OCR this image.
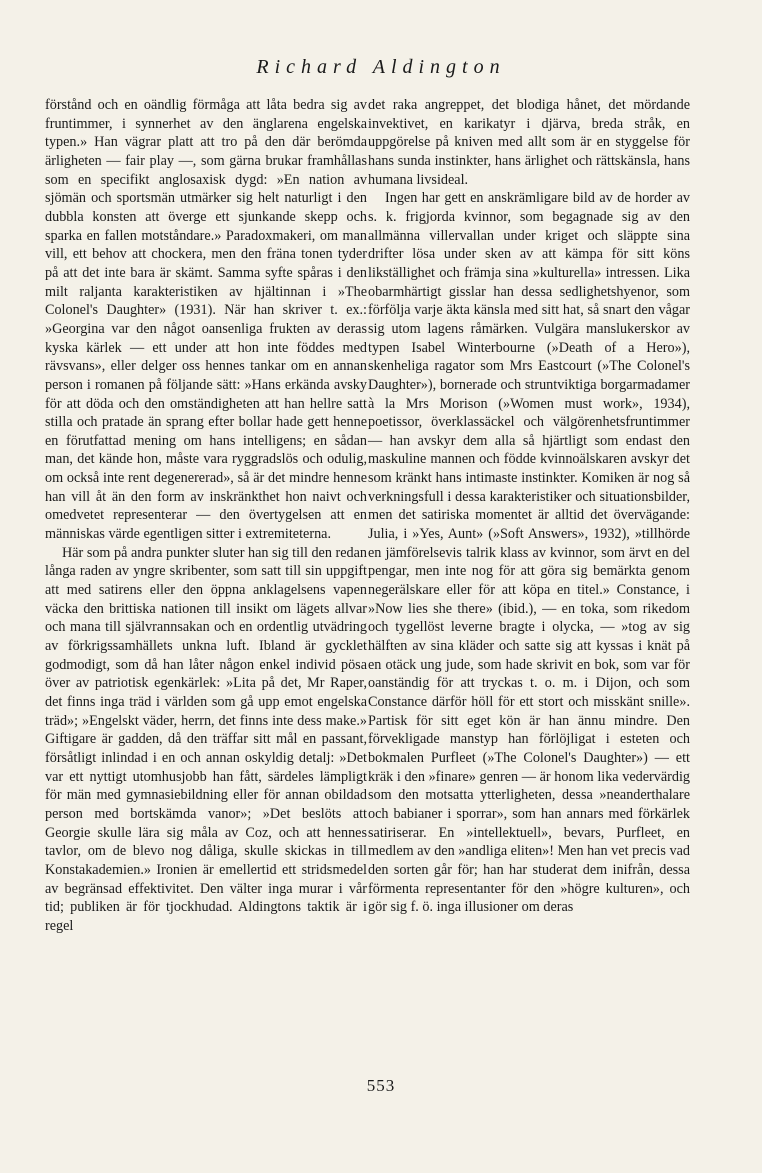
Richard Aldington

förstånd och en oändlig förmåga att låta bedra sig av fruntimmer, i synnerhet av den änglarena engelska typen.» Han vägrar platt att tro på den där berömda ärligheten — fair play —, som gärna brukar framhållas som en specifikt anglosaxisk dygd: »En nation av sjömän och sportsmän utmärker sig helt naturligt i den dubbla konsten att överge ett sjunkande skepp och sparka en fallen motståndare.» Paradoxmakeri, om man vill, ett behov att chockera, men den fräna tonen tyder på att det inte bara är skämt. Samma syfte spåras i den milt raljanta karakteristiken av hjältinnan i »The Colonel's Daughter» (1931). När han skriver t. ex.: »Georgina var den något oansenliga frukten av deras kyska kärlek — ett under att hon inte föddes med rävsvans», eller delger oss hennes tankar om en annan person i romanen på följande sätt: »Hans erkända avsky för att döda och den omständigheten att han hellre satt stilla och pratade än sprang efter bollar hade gett henne en förutfattad mening om hans intelligens; en sådan man, det kände hon, måste vara ryggradslös och odulig, om också inte rent degenererad», så är det mindre henne han vill åt än den form av inskränkthet hon naivt och omedvetet representerar — den övertygelsen att en människas värde egentligen sitter i extremiteterna.

Här som på andra punkter sluter han sig till den redan långa raden av yngre skribenter, som satt till sin uppgift att med satirens eller den öppna anklagelsens vapen väcka den brittiska nationen till insikt om lägets allvar och mana till självrannsakan och en ordentlig utvädring av förkrigssamhällets unkna luft. Ibland är gycklet godmodigt, som då han låter någon enkel individ pösa över av patriotisk egenkärlek: »Lita på det, Mr Raper, det finns inga träd i världen som gå upp emot engelska träd»; »Engelskt väder, herrn, det finns inte dess make.» Giftigare är gadden, då den träffar sitt mål en passant, försåtligt inlindad i en och annan oskyldig detalj: »Det var ett nyttigt utomhusjobb han fått, särdeles lämpligt för män med gymnasiebildning eller för annan obildad person med bortskämda vanor»; »Det beslöts att Georgie skulle lära sig måla av Coz, och att hennes tavlor, om de blevo nog dåliga, skulle skickas in till Konstakademien.» Ironien är emellertid ett stridsmedel av begränsad effektivitet. Den välter inga murar i vår tid; publiken är för tjockhudad. Aldingtons taktik är i regel

det raka angreppet, det blodiga hånet, det mördande invektivet, en karikatyr i djärva, breda stråk, en uppgörelse på kniven med allt som är en styggelse för hans sunda instinkter, hans ärlighet och rättskänsla, hans humana livsideal.

Ingen har gett en anskrämligare bild av de horder av s. k. frigjorda kvinnor, som begagnade sig av den allmänna villervallan under kriget och släppte sina drifter lösa under sken av att kämpa för sitt köns likställighet och främja sina »kulturella» intressen. Lika obarmhärtigt gisslar han dessa sedlighetshyenor, som förfölja varje äkta känsla med sitt hat, så snart den vågar sig utom lagens råmärken. Vulgära manslukerskor av typen Isabel Winterbourne (»Death of a Hero»), skenheliga ragator som Mrs Eastcourt (»The Colonel's Daughter»), bornerade och struntviktiga borgarmadamer à la Mrs Morison (»Women must work», 1934), poetissor, överklassäckel och välgörenhetsfruntimmer — han avskyr dem alla så hjärtligt som endast den maskuline mannen och födde kvinnoälskaren avskyr det som kränkt hans intimaste instinkter. Komiken är nog så verkningsfull i dessa karakteristiker och situationsbilder, men det satiriska momentet är alltid det övervägande: Julia, i »Yes, Aunt» (»Soft Answers», 1932), »tillhörde en jämförelsevis talrik klass av kvinnor, som ärvt en del pengar, men inte nog för att göra sig bemärkta genom negerälskare eller för att köpa en titel.» Constance, i »Now lies she there» (ibid.), — en toka, som rikedom och tygellöst leverne bragte i olycka, — »tog av sig hälften av sina kläder och satte sig att kyssas i knät på en otäck ung jude, som hade skrivit en bok, som var för oanständig för att tryckas t. o. m. i Dijon, och som Constance därför höll för ett stort och misskänt snille». Partisk för sitt eget kön är han ännu mindre. Den förvekligade manstyp han förlöjligat i esteten och bokmalen Purfleet (»The Colonel's Daughter») — ett kräk i den »finare» genren — är honom lika vedervärdig som den motsatta ytterligheten, dessa »neanderthalare och babianer i sporrar», som han annars med förkärlek satiriserar. En »intellektuell», bevars, Purfleet, en medlem av den »andliga eliten»! Men han vet precis vad den sorten går för; han har studerat dem inifrån, dessa förmenta representanter för den »högre kulturen», och gör sig f. ö. inga illusioner om deras

553
